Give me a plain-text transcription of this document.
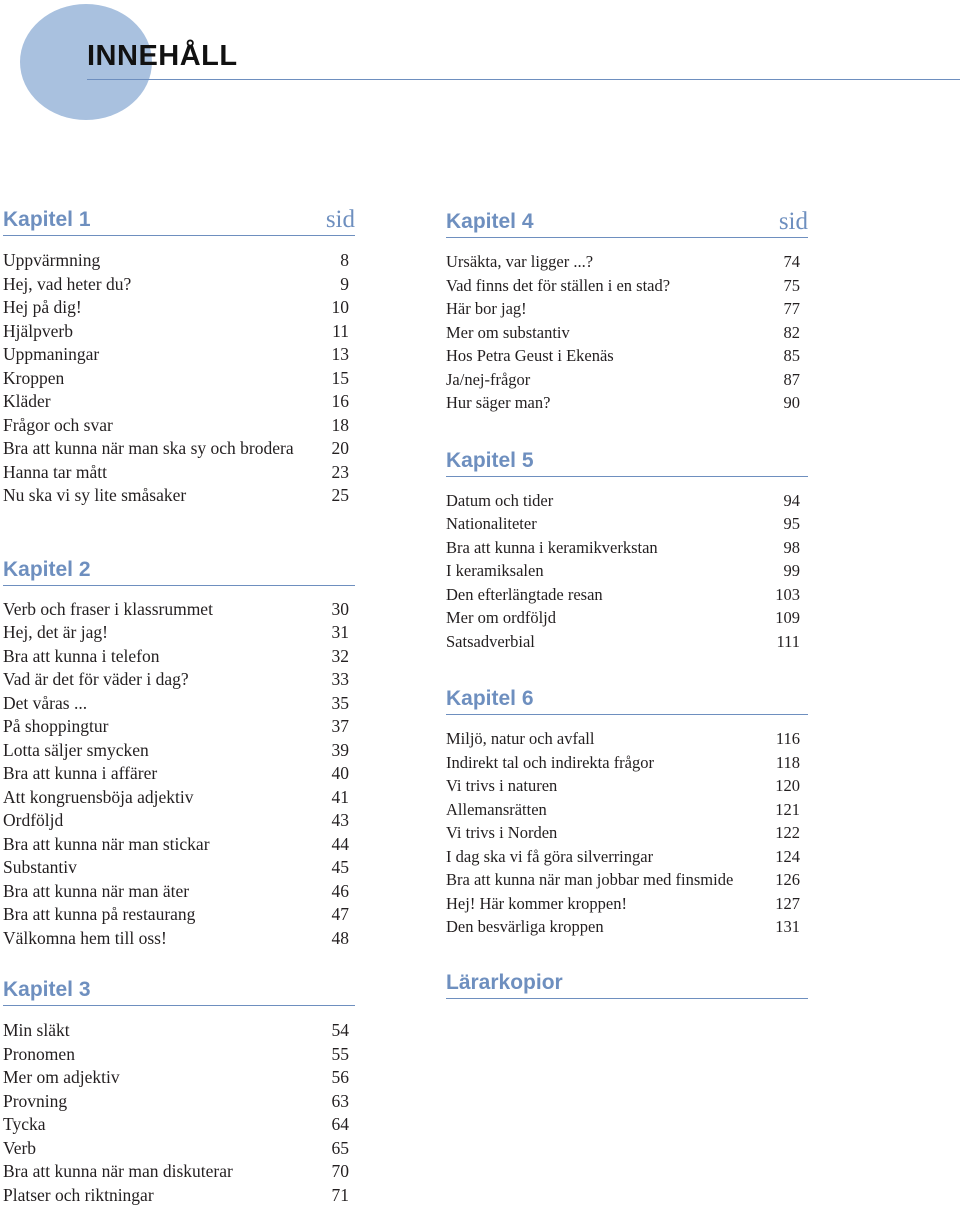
INNEHÅLL
Kapitel 1	sid
Uppvärmning	8
Hej, vad heter du?	9
Hej på dig!	10
Hjälpverb	11
Uppmaningar	13
Kroppen	15
Kläder	16
Frågor och svar	18
Bra att kunna när man ska sy och brodera 20
Hanna tar mått	23
Nu ska vi sy lite småsaker	25
Kapitel 2
Verb och fraser i klassrummet	30
Hej, det är jag!	31
Bra att kunna i telefon	32
Vad är det för väder i dag?	33
Det våras ...	35
På shoppingtur	37
Lotta säljer smycken	39
Bra att kunna i affärer	40
Att kongruensböja adjektiv	41
Ordföljd	43
Bra att kunna när man stickar	44
Substantiv	45
Bra att kunna när man äter	46
Bra att kunna på restaurang	47
Välkomna hem till oss!	48
Kapitel 3
Min släkt	54
Pronomen	55
Mer om adjektiv	56
Provning	63
Tycka	64
Verb	65
Bra att kunna när man diskuterar	70
Platser och riktningar	71
Kapitel 4	sid
Ursäkta, var ligger ...?	74
Vad finns det för ställen i en stad?	75
Här bor jag!	77
Mer om substantiv	82
Hos Petra Geust i Ekenäs	85
Ja/nej-frågor	87
Hur säger man?	90
Kapitel 5
Datum och tider	94
Nationaliteter	95
Bra att kunna i keramikverkstan	98
I keramiksalen	99
Den efterlängtade resan	103
Mer om ordföljd	109
Satsadverbial	111
Kapitel 6
Miljö, natur och avfall	116
Indirekt tal och indirekta frågor	118
Vi trivs i naturen	120
Allemansrätten	121
Vi trivs i Norden	122
I dag ska vi få göra silverringar	124
Bra att kunna när man jobbar med finsmide	126
Hej! Här kommer kroppen!	127
Den besvärliga kroppen	131
Lärarkopior
